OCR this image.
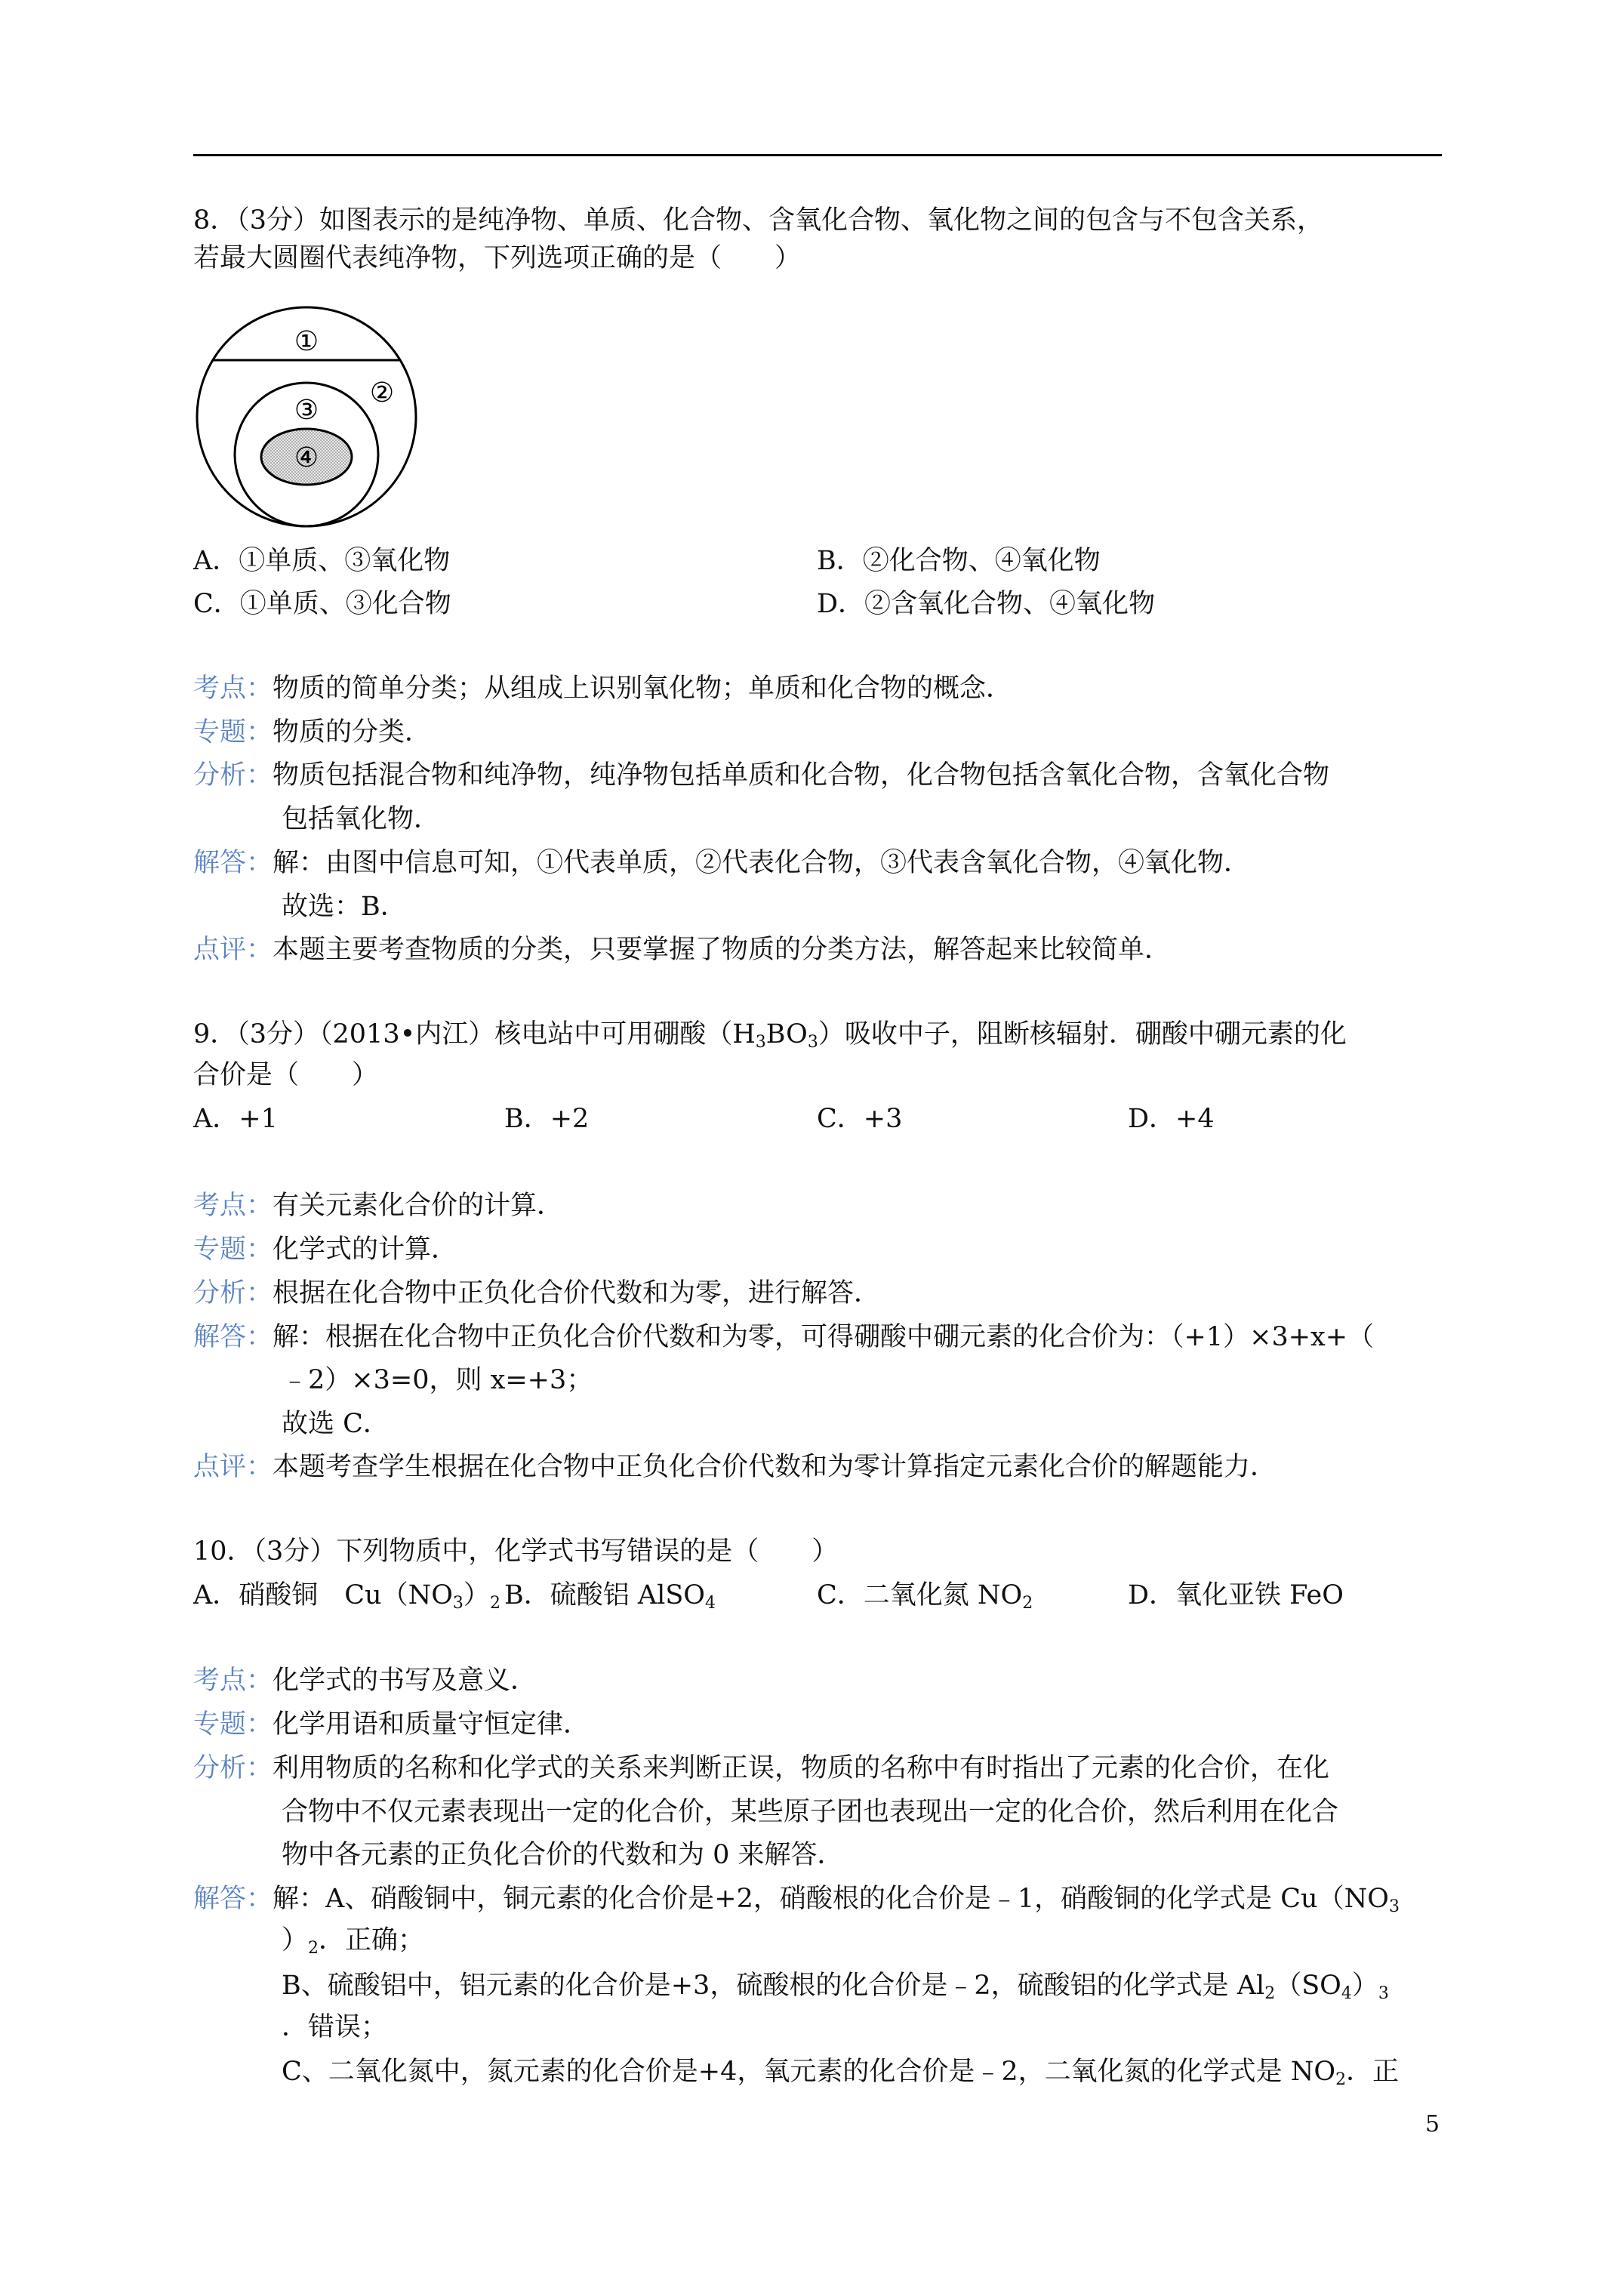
8．（3分）如图表示的是纯净物、单质、化合物、含氧化合物、氧化物之间的包含与不包含关系，
若最大圆圈代表纯净物，下列选项正确的是（　　）
①
②
③
④
A．①单质、③氧化物	B．②化合物、④氧化物
C．①单质、③化合物	D．②含氧化合物、④氧化物
考点：物质的简单分类；从组成上识别氧化物；单质和化合物的概念．
专题：物质的分类．
分析：物质包括混合物和纯净物，纯净物包括单质和化合物，化合物包括含氧化合物，含氧化合物
包括氧化物．
解答：解：由图中信息可知，①代表单质，②代表化合物，③代表含氧化合物，④氧化物．
故选：B．
点评：本题主要考查物质的分类，只要掌握了物质的分类方法，解答起来比较简单．
9．（3分）（2013•内江）核电站中可用硼酸$(H_3BO_3)$吸收中子，阻断核辐射．硼酸中硼元素的化
合价是（　　）
A．+1	B．+2	C．+3	D．+4
考点：有关元素化合价的计算．
专题：化学式的计算．
分析：根据在化合物中正负化合价代数和为零，进行解答．
解答：解：根据在化合物中正负化合价代数和为零，可得硼酸中硼元素的化合价为：（+1）×3+x+（
﹣2）×3=0，则 x=+3；
故选 C．
点评：本题考查学生根据在化合物中正负化合价代数和为零计算指定元素化合价的解题能力．
10．（3分）下列物质中，化学式书写错误的是（　　）
A．硝酸铜　$Cu(NO_3)_2$ B．硫酸铝 AlSO$_4$	C．二氧化氮 $NO_2$	D．氧化亚铁 FeO
考点：化学式的书写及意义．
专题：化学用语和质量守恒定律．
分析：利用物质的名称和化学式的关系来判断正误，物质的名称中有时指出了元素的化合价，在化
合物中不仅元素表现出一定的化合价，某些原子团也表现出一定的化合价，然后利用在化合
物中各元素的正负化合价的代数和为 0 来解答．
解答：解：A、硝酸铜中，铜元素的化合价是+2，硝酸根的化合价是﹣1，硝酸铜的化学式是 $Cu(NO_3$
）$_2$．正确；
B、硫酸铝中，铝元素的化合价是+3，硫酸根的化合价是﹣2，硫酸铝的化学式是 $Al_2(SO_4)_3$
．错误；
C、二氧化氮中，氮元素的化合价是+4，氧元素的化合价是﹣2，二氧化氮的化学式是 $NO_2$．正
5
